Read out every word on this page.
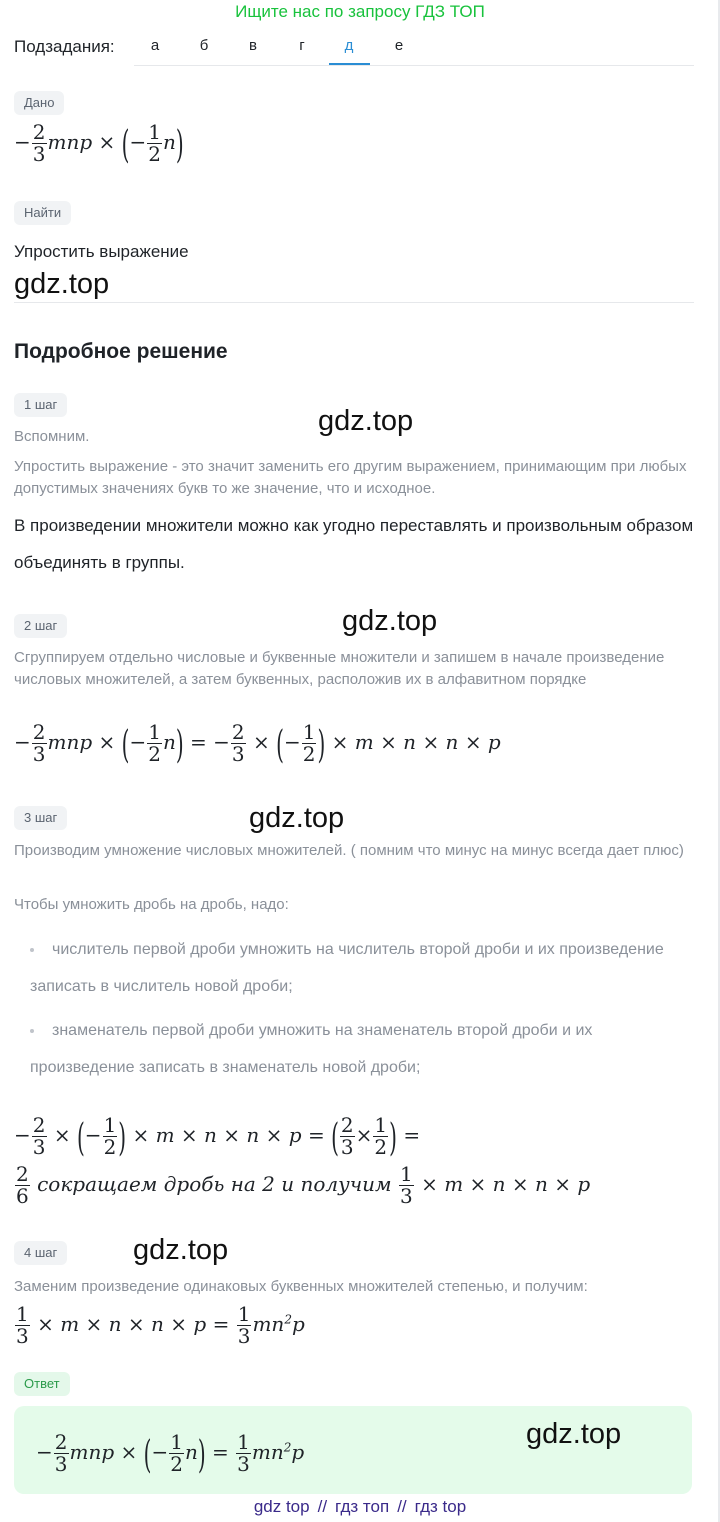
Ищите нас по запросу ГДЗ ТОП
Подзадания:	а	б	в	г	д	е
Дано
− $\frac{2}{3}$ mnp × (− $\frac{1}{2} n$)
Найти
Упростить выражение
gdz.top
Подробное решение
1 шаг
gdz.top
Вспомним.
Упростить выражение - это значит заменить его другим выражением, принимающим при любых допустимых значениях букв то же значение, что и исходное.
В произведении множители можно как угодно переставлять и произвольным образом объединять в группы.
2 шаг	gdz.top
Сгруппируем отдельно числовые и буквенные множители и запишем в начале произведение числовых множителей, а затем буквенных, расположив их в алфавитном порядке
− $\frac{2}{3}$ mnp × (− $\frac{1}{2} n$) = − $\frac{2}{3}$ × (− $\frac{1}{2}$ ) × m × n × n × p
3 шаг	gdz.top
Производим умножение числовых множителей. ( помним что минус на минус всегда дает плюс)
Чтобы умножить дробь на дробь, надо:
числитель первой дроби умножить на числитель второй дроби и их произведение записать в числитель новой дроби;
знаменатель первой дроби умножить на знаменатель второй дроби и их произведение записать в знаменатель новой дроби;
− $\frac{2}{3}$ × (− $\frac{1}{2}$ ) × m × n × n × p = ( $\frac{2}{3} \times \frac{1}{2}$ ) =
$\frac{2}{6}$ сокращаем дробь на 2 и получим $\frac{1}{3} \times m \times n \times n \times p$
4 шаг	gdz.top
Заменим произведение одинаковых буквенных множителей степенью, и получим:
$\frac{1}{3} \times m \times n \times n \times p = \frac{1}{3} mn^2p$
Ответ
− $\frac{2}{3}$ mnp × (− $\frac{1}{2} n) = \frac{1}{3} mn^2p$
gdz.top
gdz top // гдз топ // гдз top
